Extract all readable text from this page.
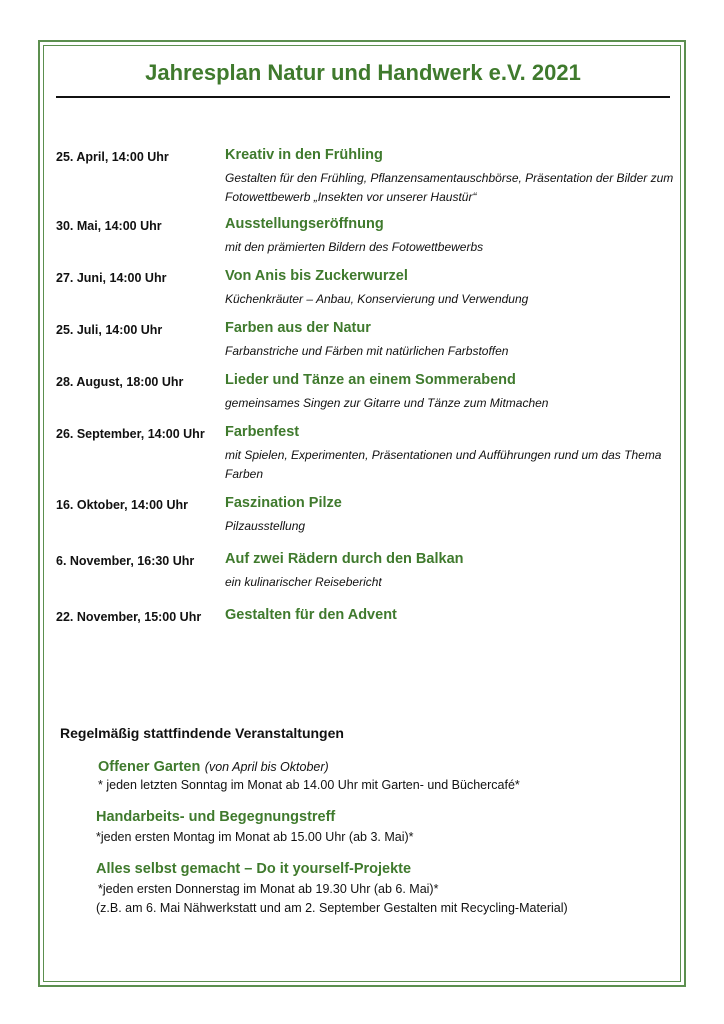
Jahresplan Natur und Handwerk e.V. 2021
25. April, 14:00 Uhr	Kreativ in den Frühling
Gestalten für den Frühling, Pflanzensamentauschbörse, Präsentation der Bilder zum Fotowettbewerb „Insekten vor unserer Haustür“
30. Mai, 14:00 Uhr	Ausstellungseröffnung
mit den prämierten Bildern des Fotowettbewerbs
27. Juni, 14:00 Uhr	Von Anis bis Zuckerwurzel
Küchenkräuter – Anbau, Konservierung und Verwendung
25. Juli, 14:00 Uhr	Farben aus der Natur
Farbanstriche und Färben mit natürlichen Farbstoffen
28. August, 18:00 Uhr	Lieder und Tänze an einem Sommerabend
gemeinsames Singen zur Gitarre und Tänze zum Mitmachen
26. September, 14:00 Uhr Farbenfest
mit Spielen, Experimenten, Präsentationen und Aufführungen rund um das Thema Farben
16. Oktober, 14:00 Uhr	Faszination Pilze
Pilzausstellung
6. November, 16:30 Uhr Auf zwei Rädern durch den Balkan
ein kulinarischer Reisebericht
22. November, 15:00 Uhr Gestalten für den Advent
Regelmäßig stattfindende Veranstaltungen
Offener Garten (von April bis Oktober)
* jeden letzten Sonntag im Monat ab 14.00 Uhr mit Garten- und Büchercafé*
Handarbeits- und Begegnungstreff
*jeden ersten Montag im Monat ab 15.00 Uhr (ab 3. Mai)*
Alles selbst gemacht – Do it yourself-Projekte
*jeden ersten Donnerstag im Monat ab 19.30 Uhr (ab 6. Mai)*
(z.B. am 6. Mai Nähwerkstatt und am 2. September Gestalten mit Recycling-Material)
